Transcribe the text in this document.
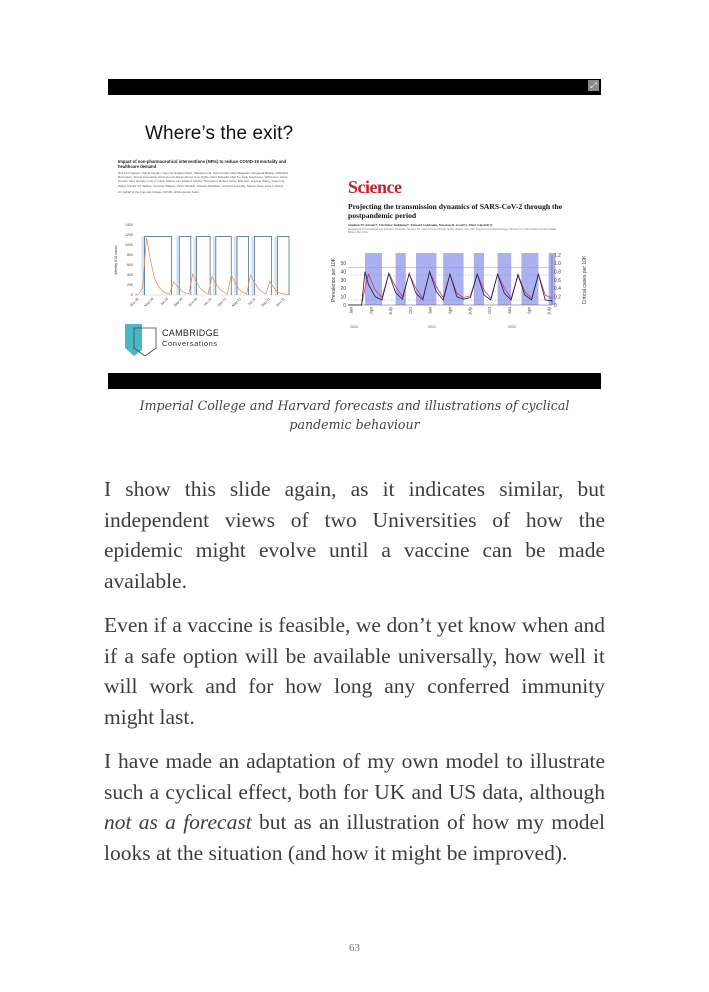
⤢
Where’s the exit?
Impact of non-pharmaceutical interventions (NPIs) to reduce COVID-19 mortality and healthcare demand
Neil M Ferguson, Daniel Laydon, Gemma Nedjati-Gilani, Natsuko Imai, Kylie Ainslie, Marc Baguelin, Sangeeta Bhatia, Adhiratha Boonyasiri, Zulma Cucunubá, Gina Cuomo-Dannenburg, Amy Dighe, Ilaria Dorigatti, Han Fu, Katy Gaythorpe, Will Green, Arran Hamlet, Wes Hinsley, Lucy C Okell, Sabine van Elsland, Hayley Thompson, Robert Verity, Erik Volz, Haowei Wang, Yuanrong Wang, Patrick GT Walker, Caroline Walters, Peter Winskill, Charles Whittaker, Christl A Donnelly, Steven Riley, Azra C Ghani.
On behalf of the Imperial College COVID-19 Response Team
Weekly ICU cases
0
200
400
600
800
1000
1200
1400
Mar-20 May-20 Jul-20 Sep-20 Nov-20 Jan-21 Mar-21 May-21 Jul-21 Sep-21 Nov-21
Science
Projecting the transmission dynamics of SARS-CoV-2 through the postpandemic period
Stephen M. Kissler*, Christine Tedijanto*, Edward Goldstein, Yonatan H. Grad†‡, Marc Lipsitch†‡
Department of Immunology and Infectious Diseases, Harvard T.H. Chan School of Public Health, Boston, MA, USA. Department of Epidemiology, Harvard T.H. Chan School of Public Health, Boston, MA, USA.
0
10
20
30
40
50
0
0.2
0.4
0.6
0.8
1.0
1.2
Prevalence per 10K	Critical cases per 10K
Jan	Apr	July	Oct	Jan	Apr	July	Oct	Jan	Apr	July
2020	2021	2022
CAMBRIDGE
Conversations
Imperial College and Harvard forecasts and illustrations of cyclical pandemic behaviour

I show this slide again, as it indicates similar, but independent views of two Universities of how the epidemic might evolve until a vaccine can be made available.

Even if a vaccine is feasible, we don’t yet know when and if a safe option will be available universally, how well it will work and for how long any conferred immunity might last.

I have made an adaptation of my own model to illustrate such a cyclical effect, both for UK and US data, although not as a forecast but as an illustration of how my model looks at the situation (and how it might be improved).

63
